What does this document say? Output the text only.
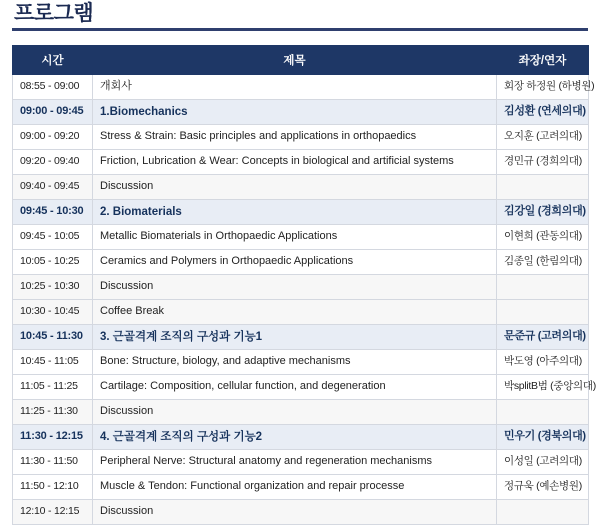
프로그램
시간	제목	좌장/연자
08:55 - 09:00	개회사	회장 하정원 (하병원)
09:00 - 09:45	1.Biomechanics	김성환 (연세의대)
09:00 - 09:20	Stress & Strain: Basic principles and applications in orthopaedics	오지훈 (고려의대)
09:20 - 09:40	Friction, Lubrication & Wear: Concepts in biological and artificial systems	경민규 (경희의대)
09:40 - 09:45	Discussion	
09:45 - 10:30	2. Biomaterials	김강일 (경희의대)
09:45 - 10:05	Metallic Biomaterials in Orthopaedic Applications	이현희 (관동의대)
10:05 - 10:25	Ceramics and Polymers in Orthopaedic Applications	김종일 (한림의대)
10:25 - 10:30	Discussion	
10:30 - 10:45	Coffee Break	
10:45 - 11:30	3. 근골격계 조직의 구성과 기능1	문준규 (고려의대)
10:45 - 11:05	Bone: Structure, biology, and adaptive mechanisms	박도영 (아주의대)
11:05 - 11:25	Cartilage: Composition, cellular function, and degeneration	박splitB범 (중앙의대)
11:25 - 11:30	Discussion	
11:30 - 12:15	4. 근골격계 조직의 구성과 기능2	민우기 (경북의대)
11:30 - 11:50	Peripheral Nerve: Structural anatomy and regeneration mechanisms	이성일 (고려의대)
11:50 - 12:10	Muscle & Tendon: Functional organization and repair processe	정규욱 (예손병원)
12:10 - 12:15	Discussion	
